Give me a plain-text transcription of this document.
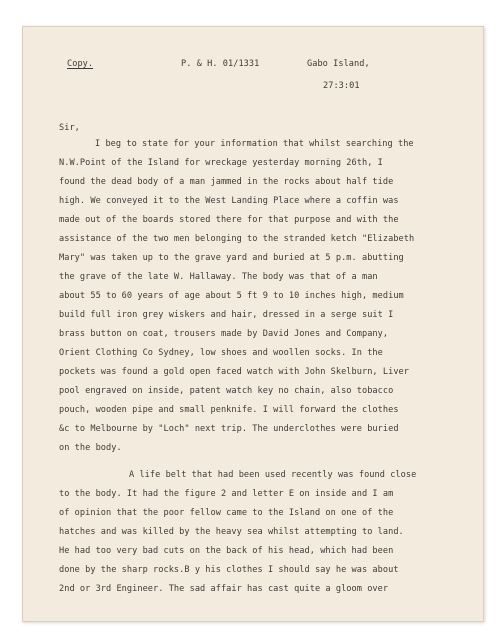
Copy.	P. & H. 01/1331	Gabo Island,
27:3:01
Sir,
I beg to state for your information that whilst searching the
N.W.Point of the Island for wreckage yesterday morning 26th, I
found the dead body of a man jammed in the rocks about half tide
high. We conveyed it to the West Landing Place where a coffin was
made out of the boards stored there for that purpose and with the
assistance of the two men belonging to the stranded ketch "Elizabeth
Mary" was taken up to the grave yard and buried at 5 p.m. abutting
the grave of the late W. Hallaway. The body was that of a man
about 55 to 60 years of age about 5 ft 9 to 10 inches high, medium
build full iron grey wiskers and hair, dressed in a serge suit I
brass button on coat, trousers made by David Jones and Company,
Orient Clothing Co Sydney, low shoes and woollen socks. In the
pockets was found a gold open faced watch with John Skelburn, Liver
pool engraved on inside, patent watch key no chain, also tobacco
pouch, wooden pipe and small penknife. I will forward the clothes
&c to Melbourne by "Loch" next trip. The underclothes were buried
on the body.
A life belt that had been used recently was found close
to the body. It had the figure 2 and letter E on inside and I am
of opinion that the poor fellow came to the Island on one of the
hatches and was killed by the heavy sea whilst attempting to land.
He had too very bad cuts on the back of his head, which had been
done by the sharp rocks.B y his clothes I should say he was about
2nd or 3rd Engineer. The sad affair has cast quite a gloom over
